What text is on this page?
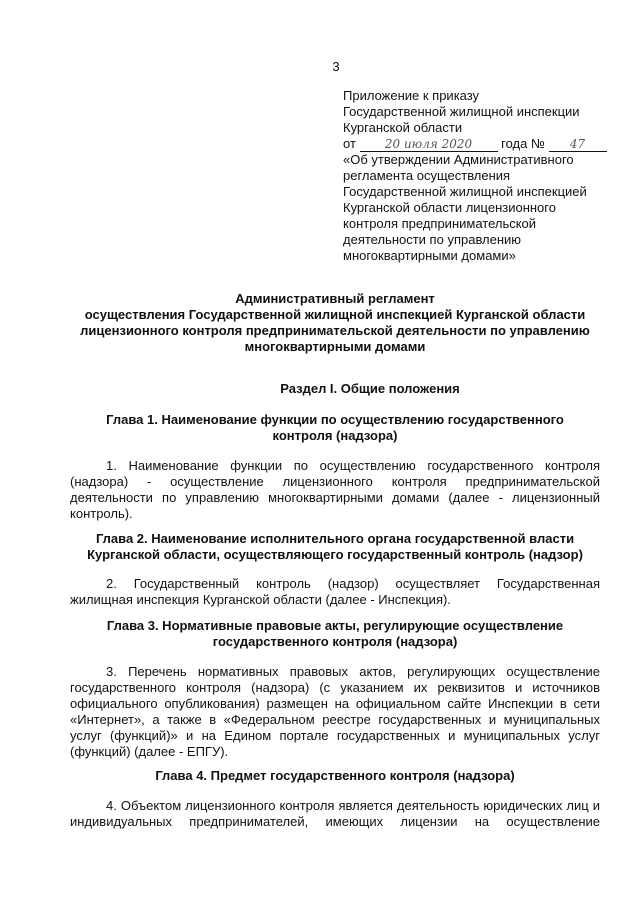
3
Приложение к приказу
Государственной жилищной инспекции
Курганской области
от 20 июля 2020 года № 47
«Об утверждении Административного
регламента осуществления
Государственной жилищной инспекцией
Курганской области лицензионного
контроля предпринимательской
деятельности по управлению
многоквартирными домами»
Административный регламент
осуществления Государственной жилищной инспекцией Курганской области
лицензионного контроля предпринимательской деятельности по управлению
многоквартирными домами
Раздел I. Общие положения
Глава 1. Наименование функции по осуществлению государственного
контроля (надзора)
1. Наименование функции по осуществлению государственного контроля (надзора) - осуществление лицензионного контроля предпринимательской деятельности по управлению многоквартирными домами (далее - лицензионный контроль).
Глава 2. Наименование исполнительного органа государственной власти
Курганской области, осуществляющего государственный контроль (надзор)
2. Государственный контроль (надзор) осуществляет Государственная жилищная инспекция Курганской области (далее - Инспекция).
Глава 3. Нормативные правовые акты, регулирующие осуществление
государственного контроля (надзора)
3. Перечень нормативных правовых актов, регулирующих осуществление государственного контроля (надзора) (с указанием их реквизитов и источников официального опубликования) размещен на официальном сайте Инспекции в сети «Интернет», а также в «Федеральном реестре государственных и муниципальных услуг (функций)» и на Едином портале государственных и муниципальных услуг (функций) (далее - ЕПГУ).
Глава 4. Предмет государственного контроля (надзора)
4. Объектом лицензионного контроля является деятельность юридических лиц и индивидуальных предпринимателей, имеющих лицензии на осуществление
